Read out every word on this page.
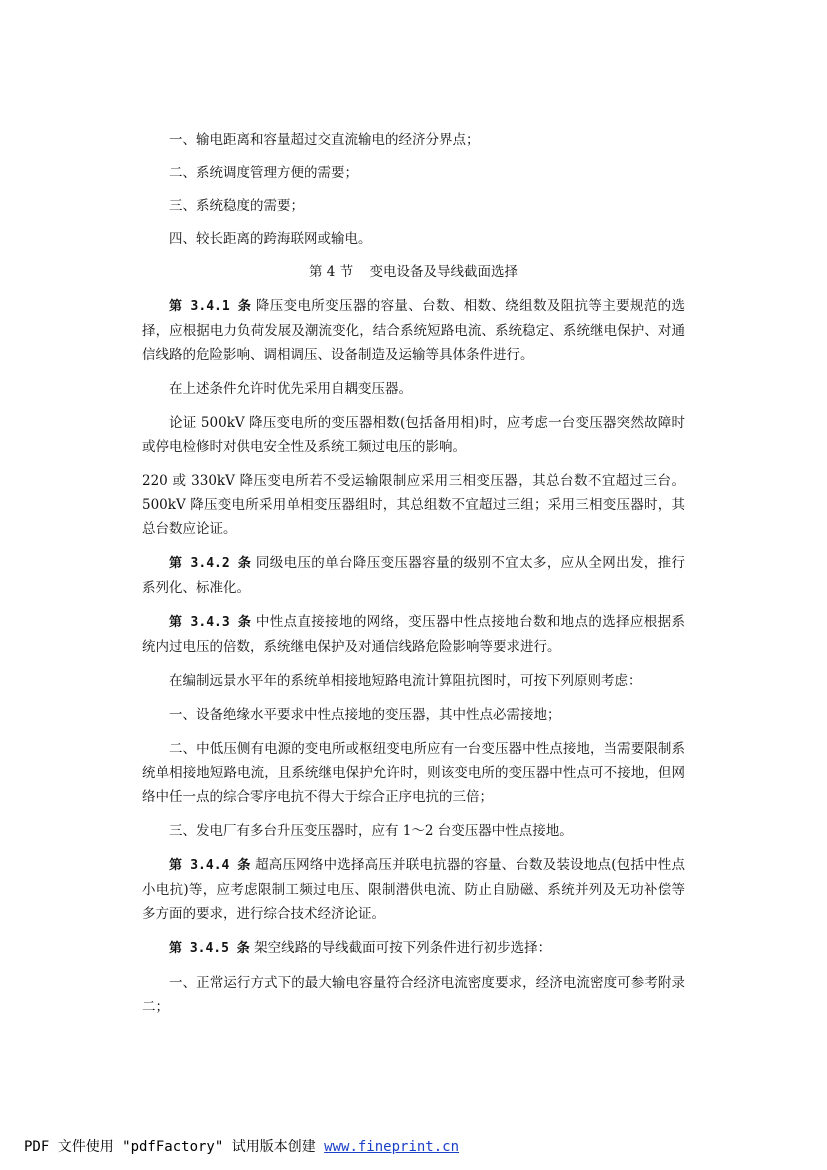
一、输电距离和容量超过交直流输电的经济分界点；

二、系统调度管理方便的需要；

三、系统稳度的需要；

四、较长距离的跨海联网或输电。

第 4 节 变电设备及导线截面选择

第 3.4.1 条 降压变电所变压器的容量、台数、相数、绕组数及阻抗等主要规范的选择，应根据电力负荷发展及潮流变化，结合系统短路电流、系统稳定、系统继电保护、对通信线路的危险影响、调相调压、设备制造及运输等具体条件进行。

在上述条件允许时优先采用自耦变压器。

论证 500kV 降压变电所的变压器相数(包括备用相)时，应考虑一台变压器突然故障时或停电检修时对供电安全性及系统工频过电压的影响。

220 或 330kV 降压变电所若不受运输限制应采用三相变压器，其总台数不宜超过三台。500kV 降压变电所采用单相变压器组时，其总组数不宜超过三组；采用三相变压器时，其总台数应论证。

第 3.4.2 条 同级电压的单台降压变压器容量的级别不宜太多，应从全网出发，推行系列化、标准化。

第 3.4.3 条 中性点直接接地的网络，变压器中性点接地台数和地点的选择应根据系统内过电压的倍数，系统继电保护及对通信线路危险影响等要求进行。

在编制远景水平年的系统单相接地短路电流计算阻抗图时，可按下列原则考虑：

一、设备绝缘水平要求中性点接地的变压器，其中性点必需接地；

二、中低压侧有电源的变电所或枢纽变电所应有一台变压器中性点接地，当需要限制系统单相接地短路电流，且系统继电保护允许时，则该变电所的变压器中性点可不接地，但网络中任一点的综合零序电抗不得大于综合正序电抗的三倍；

三、发电厂有多台升压变压器时，应有 1～2 台变压器中性点接地。

第 3.4.4 条 超高压网络中选择高压并联电抗器的容量、台数及装设地点(包括中性点小电抗)等，应考虑限制工频过电压、限制潜供电流、防止自励磁、系统并列及无功补偿等多方面的要求，进行综合技术经济论证。

第 3.4.5 条 架空线路的导线截面可按下列条件进行初步选择：

一、正常运行方式下的最大输电容量符合经济电流密度要求，经济电流密度可参考附录二；

PDF 文件使用 "pdfFactory" 试用版本创建 www.fineprint.cn
